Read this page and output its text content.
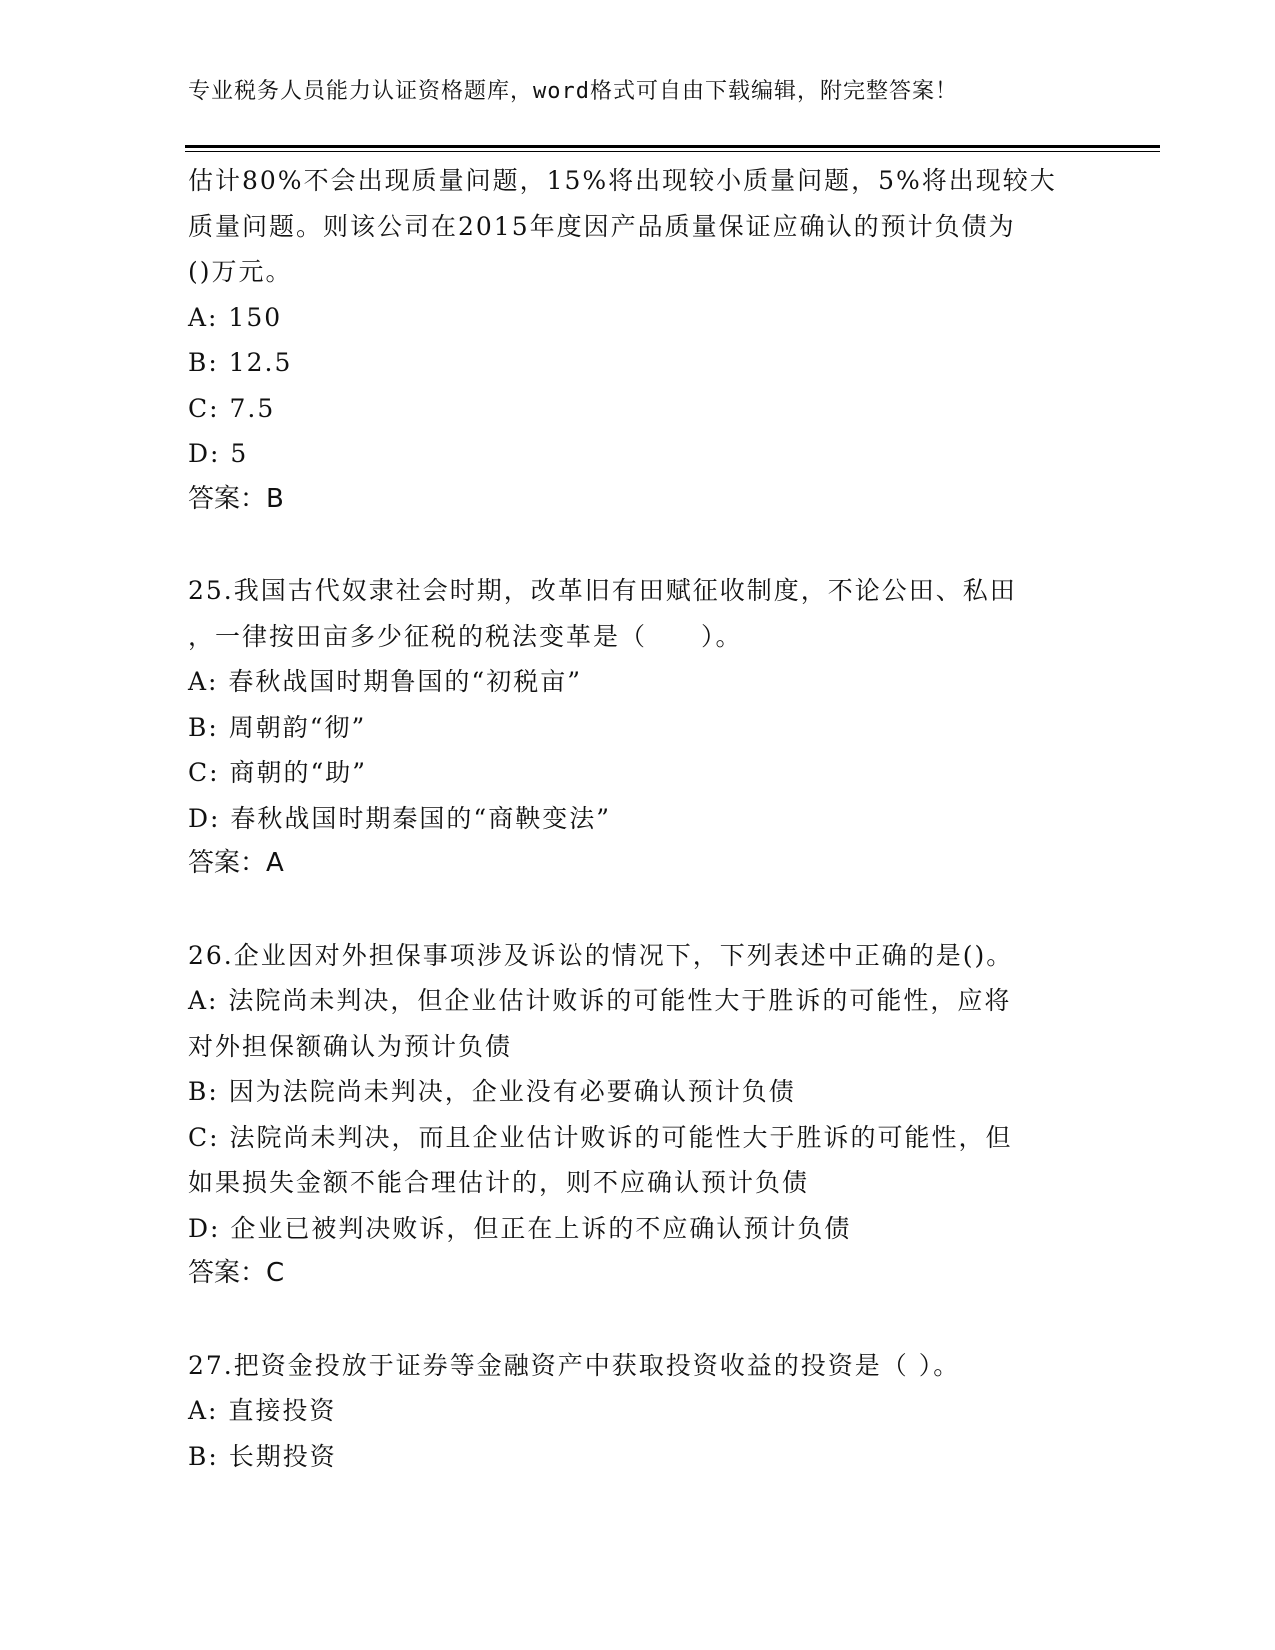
专业税务人员能力认证资格题库，word格式可自由下载编辑，附完整答案！
估计80%不会出现质量问题，15%将出现较小质量问题，5%将出现较大
质量问题。则该公司在2015年度因产品质量保证应确认的预计负债为
()万元。
A: 150
B: 12.5
C: 7.5
D: 5
答案：B
25.我国古代奴隶社会时期，改革旧有田赋征收制度，不论公田、私田
，一律按田亩多少征税的税法变革是（　　）。
A: 春秋战国时期鲁国的“初税亩”
B: 周朝韵“彻”
C: 商朝的“助”
D: 春秋战国时期秦国的“商鞅变法”
答案：A
26.企业因对外担保事项涉及诉讼的情况下，下列表述中正确的是()。
A: 法院尚未判决，但企业估计败诉的可能性大于胜诉的可能性，应将
对外担保额确认为预计负债
B: 因为法院尚未判决，企业没有必要确认预计负债
C: 法院尚未判决，而且企业估计败诉的可能性大于胜诉的可能性，但
如果损失金额不能合理估计的，则不应确认预计负债
D: 企业已被判决败诉，但正在上诉的不应确认预计负债
答案：C
27.把资金投放于证券等金融资产中获取投资收益的投资是（ ）。
A: 直接投资
B: 长期投资
